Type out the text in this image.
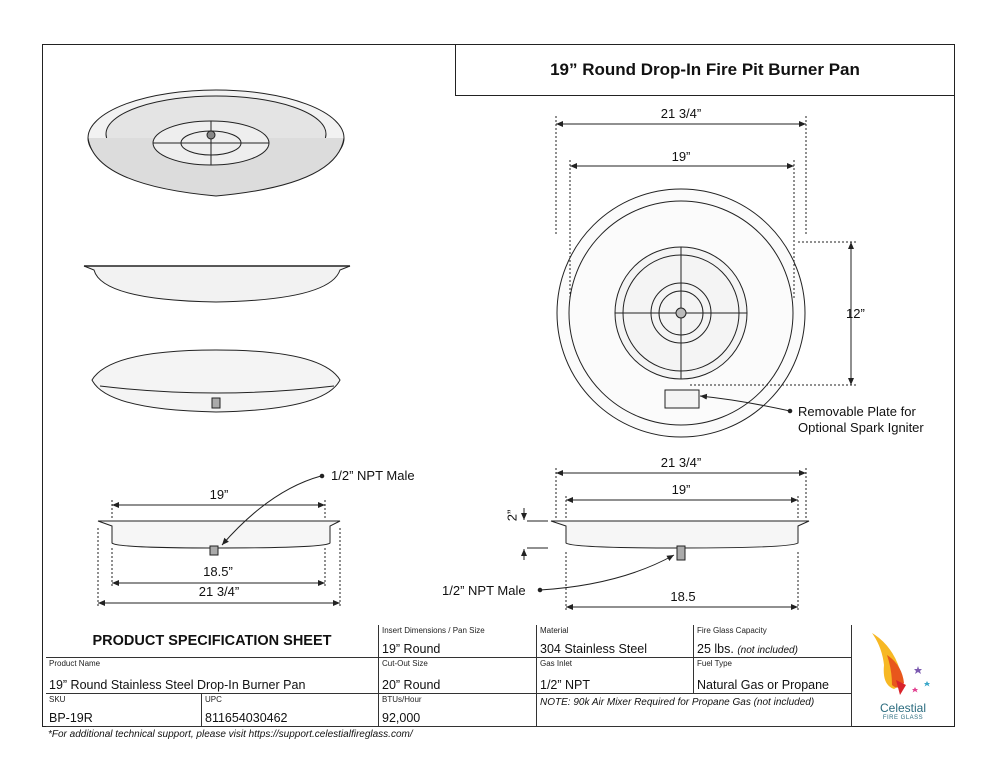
19” Round Drop-In Fire Pit Burner Pan
21 3/4”
19”
12”
Removable Plate for
Optional Spark Igniter
21 3/4”
19”
2”
18.5
1/2” NPT Male
19”
1/2” NPT Male
18.5”
21 3/4”
PRODUCT SPECIFICATION SHEET
Insert Dimensions / Pan Size
19” Round
Material
304 Stainless Steel
Fire Glass Capacity
25 lbs. (not included)
Product Name
19” Round Stainless Steel Drop-In Burner Pan
Cut-Out Size
20” Round
Gas Inlet
1/2” NPT
Fuel Type
Natural Gas or Propane
SKU
BP-19R
UPC
811654030462
BTUs/Hour
92,000
NOTE: 90k Air Mixer Required for Propane Gas (not included)	Celestial
FIRE GLASS
*For additional technical support, please visit https://support.celestialfireglass.com/
